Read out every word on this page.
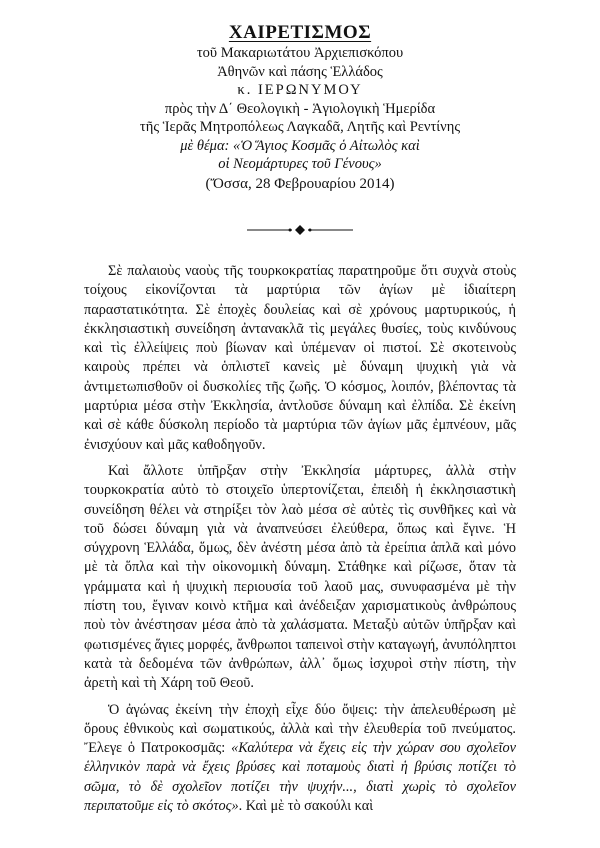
ΧΑΙΡΕΤΙΣΜΟΣ
τοῦ Μακαριωτάτου Ἀρχιεπισκόπου
Ἀθηνῶν καὶ πάσης Ἑλλάδος
κ. ΙΕΡΩΝΥΜΟΥ
πρὸς τὴν Δ΄ Θεολογικὴ - Ἁγιολογικὴ Ἡμερίδα
τῆς Ἱερᾶς Μητροπόλεως Λαγκαδᾶ, Λητῆς καὶ Ρεντίνης
μὲ θέμα: «Ὁ Ἅγιος Κοσμᾶς ὁ Αἰτωλὸς καὶ
οἱ Νεομάρτυρες τοῦ Γένους»
(Ὄσσα, 28 Φεβρουαρίου 2014)

Σὲ παλαιοὺς ναοὺς τῆς τουρκοκρατίας παρατηροῦμε ὅτι συχνὰ στοὺς τοίχους εἰκονίζονται τὰ μαρτύρια τῶν ἁγίων μὲ ἰδιαίτερη παραστατικότητα. Σὲ ἐποχὲς δουλείας καὶ σὲ χρόνους μαρτυρικούς, ἡ ἐκκλησιαστικὴ συνείδηση ἀντανακλᾶ τὶς μεγάλες θυσίες, τοὺς κινδύνους καὶ τὶς ἐλλείψεις ποὺ βίωναν καὶ ὑπέμεναν οἱ πιστοί. Σὲ σκοτεινοὺς καιροὺς πρέπει νὰ ὁπλιστεῖ κανεὶς μὲ δύναμη ψυχικὴ γιὰ νὰ ἀντιμετωπισθοῦν οἱ δυσκολίες τῆς ζωῆς. Ὁ κόσμος, λοιπόν, βλέποντας τὰ μαρτύρια μέσα στὴν Ἐκκλησία, ἀντλοῦσε δύναμη καὶ ἐλπίδα. Σὲ ἐκείνη καὶ σὲ κάθε δύσκολη περίοδο τὰ μαρτύρια τῶν ἁγίων μᾶς ἐμπνέουν, μᾶς ἐνισχύουν καὶ μᾶς καθοδηγοῦν.

Καὶ ἄλλοτε ὑπῆρξαν στὴν Ἐκκλησία μάρτυρες, ἀλλὰ στὴν τουρκοκρατία αὐτὸ τὸ στοιχεῖο ὑπερτονίζεται, ἐπειδὴ ἡ ἐκκλησιαστικὴ συνείδηση θέλει νὰ στηρίξει τὸν λαὸ μέσα σὲ αὐτὲς τὶς συνθῆκες καὶ νὰ τοῦ δώσει δύναμη γιὰ νὰ ἀναπνεύσει ἐλεύθερα, ὅπως καὶ ἔγινε. Ἡ σύγχρονη Ἑλλάδα, ὅμως, δὲν ἀνέστη μέσα ἀπὸ τὰ ἐρείπια ἁπλᾶ καὶ μόνο μὲ τὰ ὅπλα καὶ τὴν οἰκονομικὴ δύναμη. Στάθηκε καὶ ρίζωσε, ὅταν τὰ γράμματα καὶ ἡ ψυχικὴ περιουσία τοῦ λαοῦ μας, συνυφασμένα μὲ τὴν πίστη του, ἔγιναν κοινὸ κτῆμα καὶ ἀνέδειξαν χαρισματικοὺς ἀνθρώπους ποὺ τὸν ἀνέστησαν μέσα ἀπὸ τὰ χαλάσματα. Μεταξὺ αὐτῶν ὑπῆρξαν καὶ φωτισμένες ἅγιες μορφές, ἄνθρωποι ταπεινοὶ στὴν καταγωγή, ἀνυπόληπτοι κατὰ τὰ δεδομένα τῶν ἀνθρώπων, ἀλλ᾽ ὅμως ἰσχυροὶ στὴν πίστη, τὴν ἀρετὴ καὶ τὴ Χάρη τοῦ Θεοῦ.

Ὁ ἀγώνας ἐκείνη τὴν ἐποχὴ εἶχε δύο ὄψεις: τὴν ἀπελευθέρωση μὲ ὅρους ἐθνικοὺς καὶ σωματικούς, ἀλλὰ καὶ τὴν ἐλευθερία τοῦ πνεύματος. Ἔλεγε ὁ Πατροκοσμᾶς: «Καλύτερα νὰ ἔχεις εἰς τὴν χώραν σου σχολεῖον ἑλληνικὸν παρὰ νὰ ἔχεις βρύσες καὶ ποταμοὺς διατὶ ἡ βρύσις ποτίζει τὸ σῶμα, τὸ δὲ σχολεῖον ποτίζει τὴν ψυχήν..., διατὶ χωρὶς τὸ σχολεῖον περιπατοῦμε εἰς τὸ σκότος». Καὶ μὲ τὸ σακούλι καὶ
